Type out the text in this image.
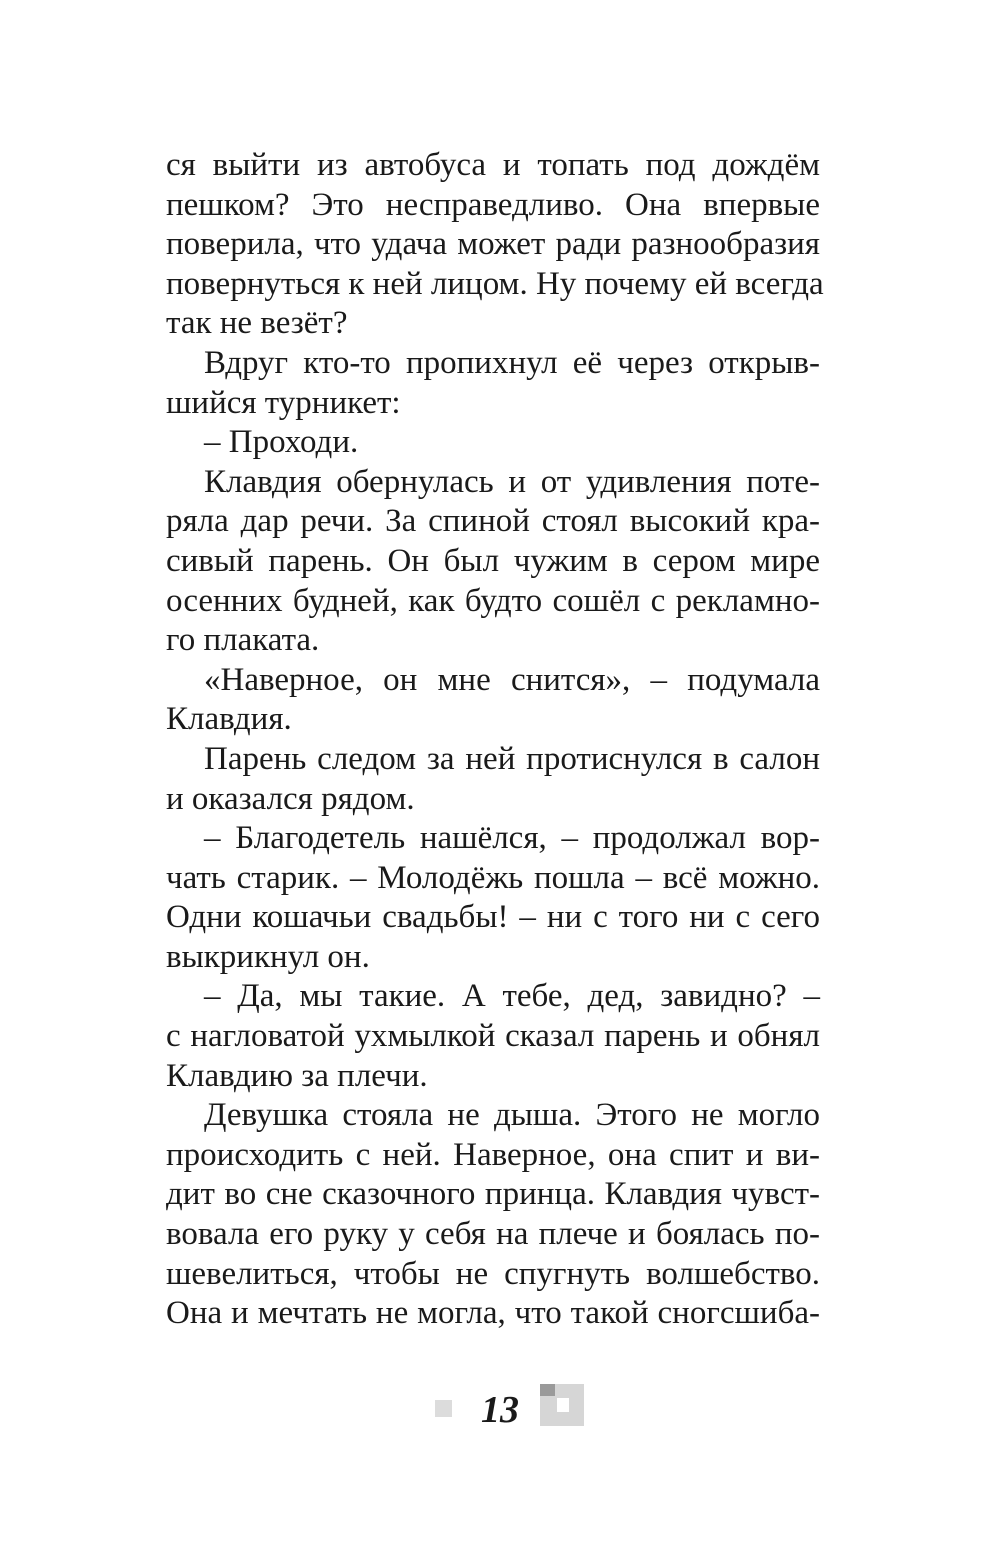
ся выйти из автобуса и топать под дождём
пешком? Это несправедливо. Она впервые
поверила, что удача может ради разнообразия
повернуться к ней лицом. Ну почему ей всегда
так не везёт?
Вдруг кто-то пропихнул её через открыв-
шийся турникет:
– Проходи.
Клавдия обернулась и от удивления поте-
ряла дар речи. За спиной стоял высокий кра-
сивый парень. Он был чужим в сером мире
осенних будней, как будто сошёл с рекламно-
го плаката.
«Наверное, он мне снится», – подумала
Клавдия.
Парень следом за ней протиснулся в салон
и оказался рядом.
– Благодетель нашёлся, – продолжал вор-
чать старик. – Молодёжь пошла – всё можно.
Одни кошачьи свадьбы! – ни с того ни с сего
выкрикнул он.
– Да, мы такие. А тебе, дед, завидно? –
с нагловатой ухмылкой сказал парень и обнял
Клавдию за плечи.
Девушка стояла не дыша. Этого не могло
происходить с ней. Наверное, она спит и ви-
дит во сне сказочного принца. Клавдия чувст-
вовала его руку у себя на плече и боялась по-
шевелиться, чтобы не спугнуть волшебство.
Она и мечтать не могла, что такой сногсшиба-
13
